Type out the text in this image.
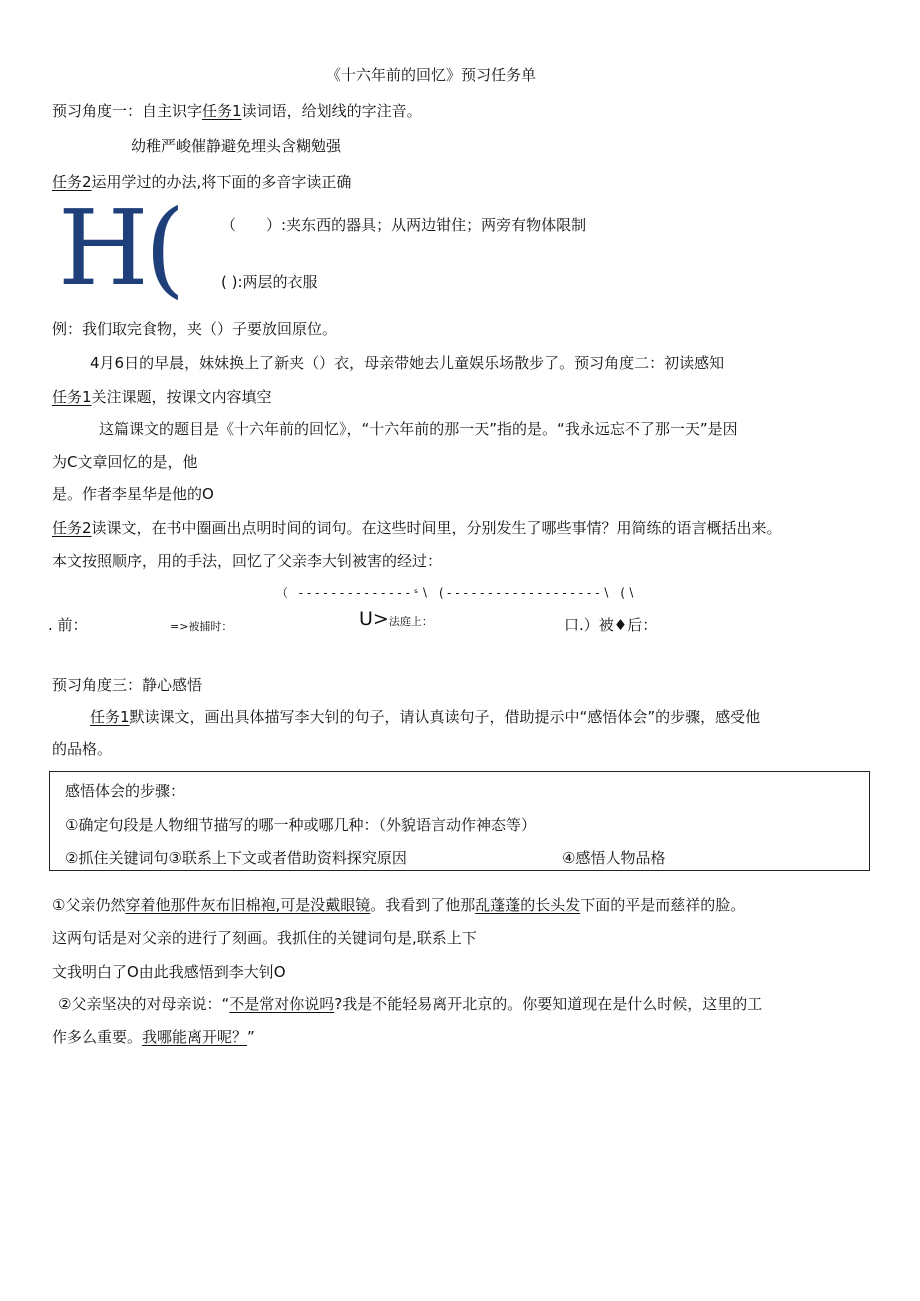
《十六年前的回忆》预习任务单
预习角度一：自主识字任务1读词语，给划线的字注音。
幼稚严峻催静避免埋头含糊勉强
任务2运用学过的办法,将下面的多音字读正确
H(	（　　）:夹东西的器具；从两边钳住；两旁有物体限制
( ):两层的衣服
例：我们取完食物，夹（）子要放回原位。
4月6日的早晨，妹妹换上了新夹（）衣，母亲带她去儿童娱乐场散步了。预习角度二：初读感知
任务1关注课题，按课文内容填空
这篇课文的题目是《十六年前的回忆》，“十六年前的那一天”指的是。“我永远忘不了那一天”是因
为C文章回忆的是，他
是。作者李星华是他的O
任务2读课文，在书中圈画出点明时间的词句。在这些时间里，分别发生了哪些事情？用简练的语言概括出来。
本文按照顺序，用的手法，回忆了父亲李大钊被害的经过：
（ --------------ˢ∖ (-------------------∖ (∖
. 前：	=>被捕时：	U>法庭上：	口.）被♦后：
预习角度三：静心感悟
任务1默读课文，画出具体描写李大钊的句子，请认真读句子，借助提示中“感悟体会”的步骤，感受他
的品格。
感悟体会的步骤：
①确定句段是人物细节描写的哪一种或哪几种：（外貌语言动作神态等）
②抓住关键词句③联系上下文或者借助资料探究原因	④感悟人物品格
①父亲仍然穿着他那件灰布旧棉袍,可是没戴眼镜。我看到了他那乱蓬蓬的长头发下面的平是而慈祥的脸。
这两句话是对父亲的进行了刻画。我抓住的关键词句是,联系上下
文我明白了O由此我感悟到李大钊O
②父亲坚决的对母亲说：“不是常对你说吗?我是不能轻易离开北京的。你要知道现在是什么时候，这里的工
作多么重要。我哪能离开呢？”
